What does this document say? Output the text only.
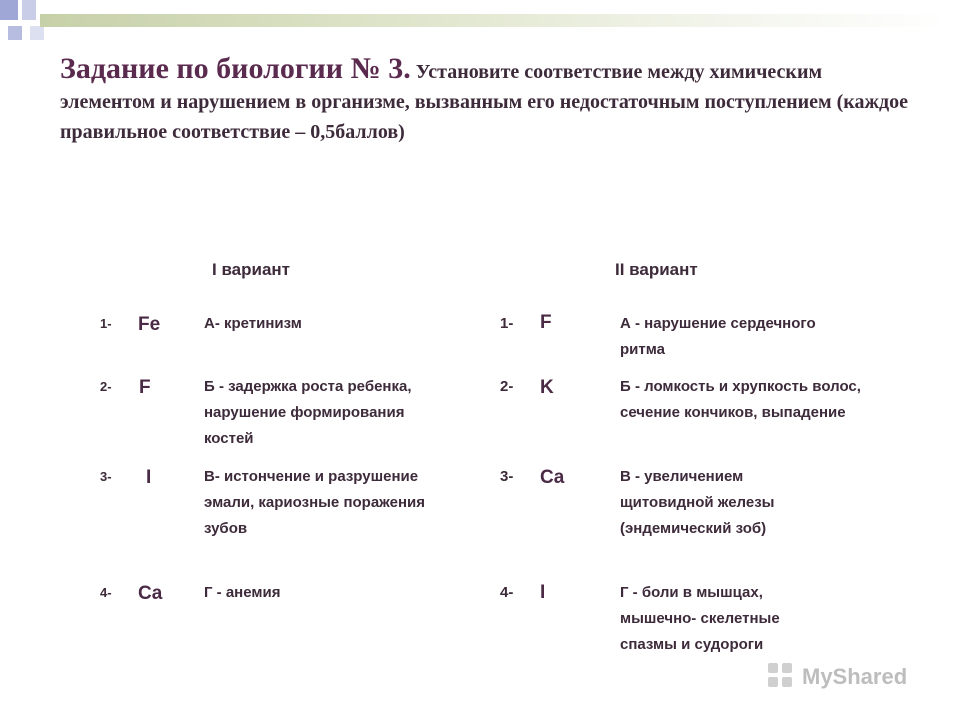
Задание по биологии № 3. Установите соответствие между химическим элементом и нарушением в организме, вызванным его недостаточным поступлением (каждое правильное соответствие – 0,5баллов)
I вариант
1- Fe	А- кретинизм
2- F	Б - задержка роста ребенка, нарушение формирования костей
3- I	В- истончение и разрушение эмали, кариозные поражения зубов
4- Ca	Г - анемия
II вариант
1- F	А - нарушение сердечного ритма
2- K	Б - ломкость и хрупкость волос, сечение кончиков, выпадение
3- Ca	В - увеличением щитовидной железы (эндемический зоб)
4- I	Г - боли в мышцах, мышечно- скелетные спазмы и судороги
MyShared
